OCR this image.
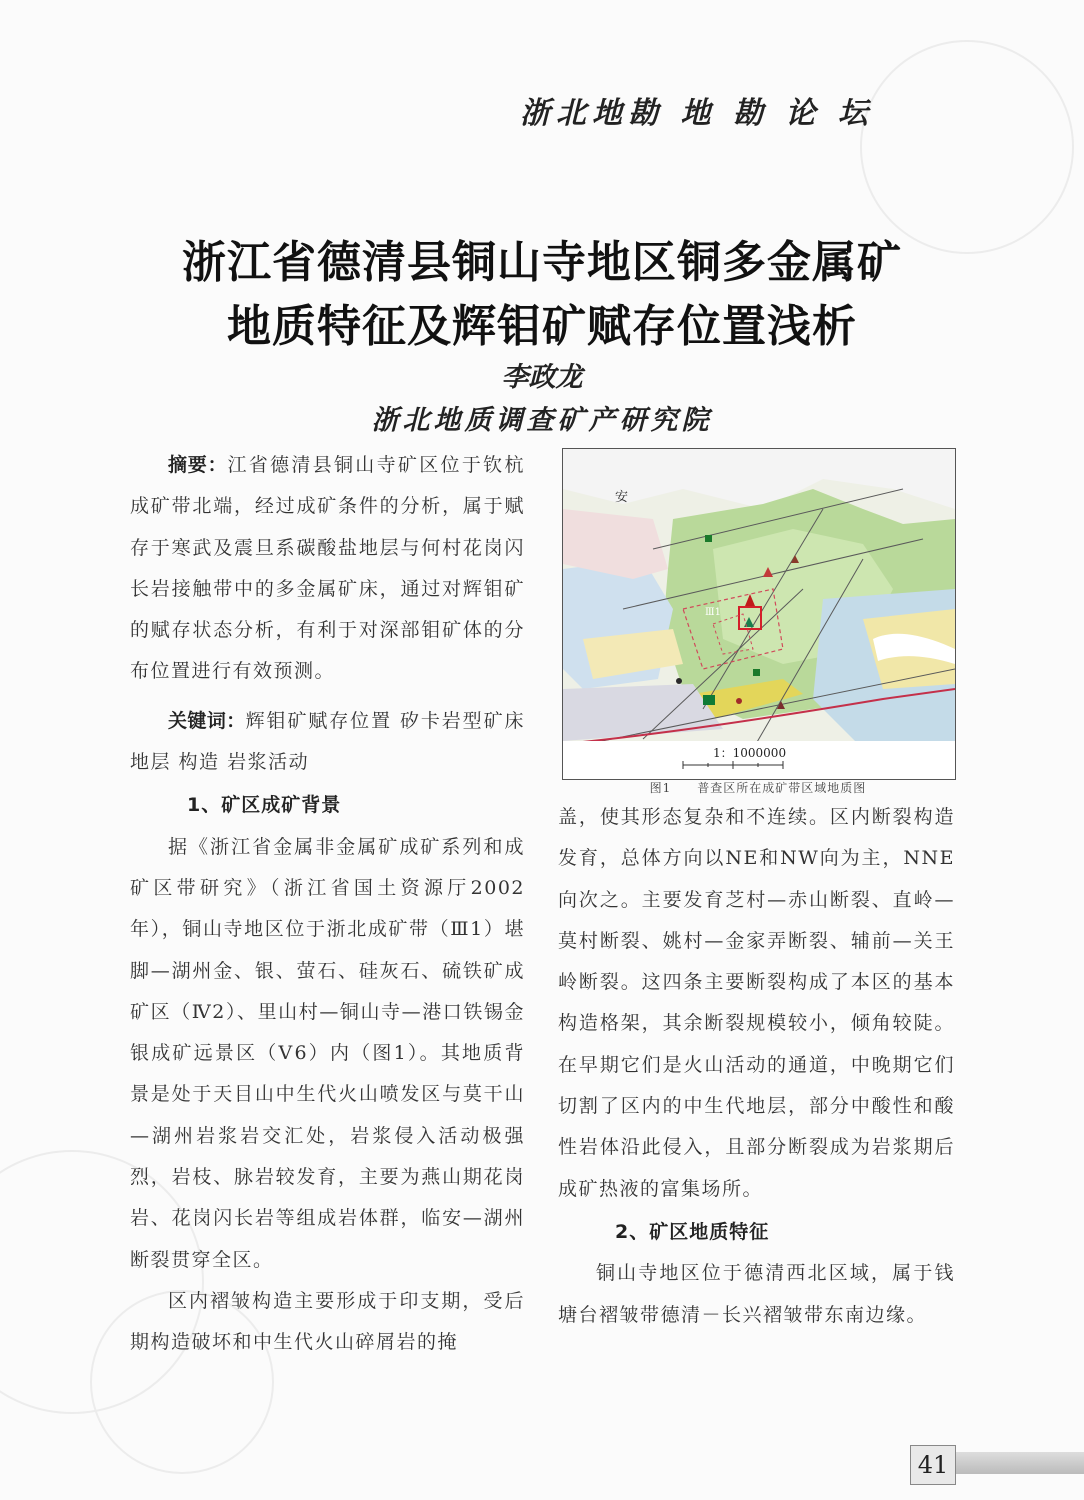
浙北地勘 地 勘 论 坛
浙江省德清县铜山寺地区铜多金属矿
地质特征及辉钼矿赋存位置浅析
李政龙
浙北地质调查矿产研究院

摘要：江省德清县铜山寺矿区位于钦杭成矿带北端，经过成矿条件的分析，属于赋存于寒武及震旦系碳酸盐地层与何村花岗闪长岩接触带中的多金属矿床，通过对辉钼矿的赋存状态分析，有利于对深部钼矿体的分布位置进行有效预测。

关键词：辉钼矿赋存位置 矽卡岩型矿床 地层 构造 岩浆活动

1、矿区成矿背景

据《浙江省金属非金属矿成矿系列和成矿区带研究》（浙江省国土资源厅2002年），铜山寺地区位于浙北成矿带（Ⅲ1）堪脚—湖州金、银、萤石、硅灰石、硫铁矿成矿区（Ⅳ2）、里山村—铜山寺—港口铁锡金银成矿远景区（Ⅴ6）内（图1）。其地质背景是处于天目山中生代火山喷发区与莫干山—湖州岩浆岩交汇处，岩浆侵入活动极强烈，岩枝、脉岩较发育，主要为燕山期花岗岩、花岗闪长岩等组成岩体群，临安—湖州断裂贯穿全区。

区内褶皱构造主要形成于印支期，受后期构造破坏和中生代火山碎屑岩的掩

1：1000000
安
Ⅲ1
图1　　普查区所在成矿带区域地质图

盖，使其形态复杂和不连续。区内断裂构造发育，总体方向以NE和NW向为主，NNE向次之。主要发育芝村—赤山断裂、直岭—莫村断裂、姚村—金家弄断裂、辅前—关王岭断裂。这四条主要断裂构成了本区的基本构造格架，其余断裂规模较小，倾角较陡。在早期它们是火山活动的通道，中晚期它们切割了区内的中生代地层，部分中酸性和酸性岩体沿此侵入，且部分断裂成为岩浆期后成矿热液的富集场所。

2、矿区地质特征

铜山寺地区位于德清西北区域，属于钱塘台褶皱带德清－长兴褶皱带东南边缘。

41
